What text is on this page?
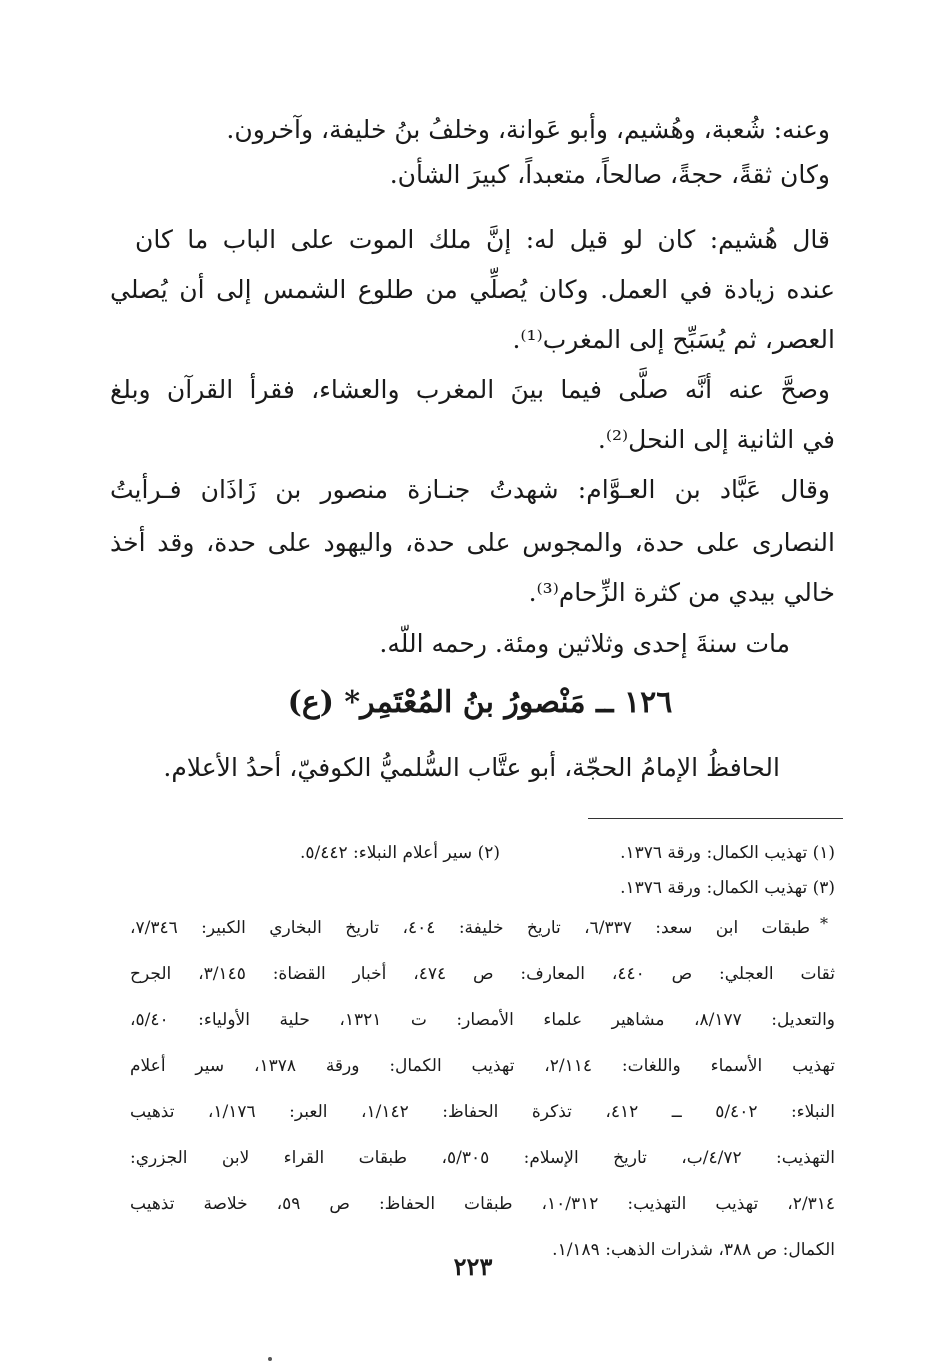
وعنه: شُعبة، وهُشيم، وأبو عَوانة، وخلفُ بنُ خليفة، وآخرون.
وكان ثقةً، حجةً، صالحاً، متعبداً، كبيرَ الشأن.
قال هُشيم: كان لو قيل له: إنَّ ملك الموت على الباب ما كان
عنده زيادة في العمل. وكان يُصلِّي من طلوع الشمس إلى أن يُصلي
العصر، ثم يُسَبِّح إلى المغرب⁽¹⁾.
وصحَّ عنه أنَّه صلَّى فيما بينَ المغرب والعشاء، فقرأ القرآن وبلغ
في الثانية إلى النحل⁽²⁾.
وقال عَبَّاد بن العـوَّام: شهدتُ جنـازة منصور بن زَاذَان فـرأيتُ
النصارى على حدة، والمجوس على حدة، واليهود على حدة، وقد أخذ
خالي بيدي من كثرة الزِّحام⁽³⁾.
مات سنةَ إحدى وثلاثين ومئة. رحمه اللّه.
١٢٦ ــ مَنْصورُ بنُ المُعْتَمِر* (ع)
الحافظُ الإمامُ الحجّة، أبو عتَّاب السُّلميُّ الكوفيّ، أحدُ الأعلام.
(١) تهذيب الكمال: ورقة ١٣٧٦.
(٢) سير أعلام النبلاء: ٥/٤٤٢.
(٣) تهذيب الكمال: ورقة ١٣٧٦.
*
طبقات ابن سعد: ٦/٣٣٧، تاريخ خليفة: ٤٠٤، تاريخ البخاري الكبير: ٧/٣٤٦،
ثقات العجلي: ص ٤٤٠، المعارف: ص ٤٧٤، أخبار القضاة: ٣/١٤٥، الجرح
والتعديل: ٨/١٧٧، مشاهير علماء الأمصار: ت ١٣٢١، حلية الأولياء: ٥/٤٠،
تهذيب الأسماء واللغات: ٢/١١٤، تهذيب الكمال: ورقة ١٣٧٨، سير أعلام
النبلاء: ٥/٤٠٢ ــ ٤١٢، تذكرة الحفاظ: ١/١٤٢، العبر: ١/١٧٦، تذهيب
التهذيب: ٤/٧٢/ب، تاريخ الإسلام: ٥/٣٠٥، طبقات القراء لابن الجزري:
٢/٣١٤، تهذيب التهذيب: ١٠/٣١٢، طبقات الحفاظ: ص ٥٩، خلاصة تذهيب
الكمال: ص ٣٨٨، شذرات الذهب: ١/١٨٩.
٢٢٣
